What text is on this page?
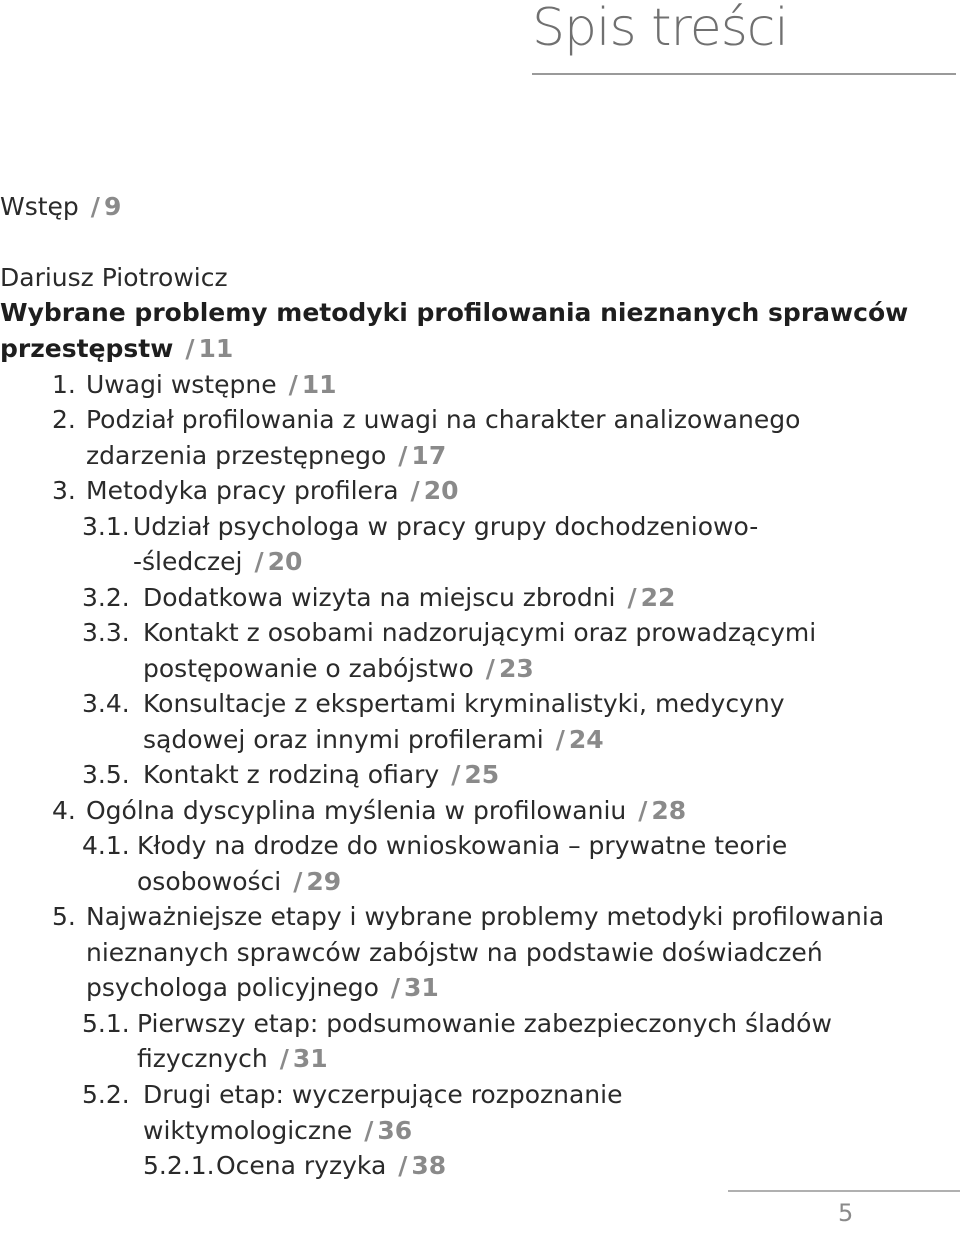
Spis treści
Wstęp / 9
Dariusz Piotrowicz
Wybrane problemy metodyki profilowania nieznanych sprawców
przestępstw / 11
1. Uwagi wstępne / 11
2. Podział profilowania z uwagi na charakter analizowanego
zdarzenia przestępnego / 17
3. Metodyka pracy profilera / 20
3.1. Udział psychologa w pracy grupy dochodzeniowo-
-śledczej / 20
3.2. Dodatkowa wizyta na miejscu zbrodni / 22
3.3. Kontakt z osobami nadzorującymi oraz prowadzącymi
postępowanie o zabójstwo / 23
3.4. Konsultacje z ekspertami kryminalistyki, medycyny
sądowej oraz innymi profilerami / 24
3.5. Kontakt z rodziną ofiary / 25
4. Ogólna dyscyplina myślenia w profilowaniu / 28
4.1. Kłody na drodze do wnioskowania – prywatne teorie
osobowości / 29
5. Najważniejsze etapy i wybrane problemy metodyki profilowania
nieznanych sprawców zabójstw na podstawie doświadczeń
psychologa policyjnego / 31
5.1. Pierwszy etap: podsumowanie zabezpieczonych śladów
fizycznych / 31
5.2. Drugi etap: wyczerpujące rozpoznanie
wiktymologiczne / 36
5.2.1. Ocena ryzyka / 38
5
